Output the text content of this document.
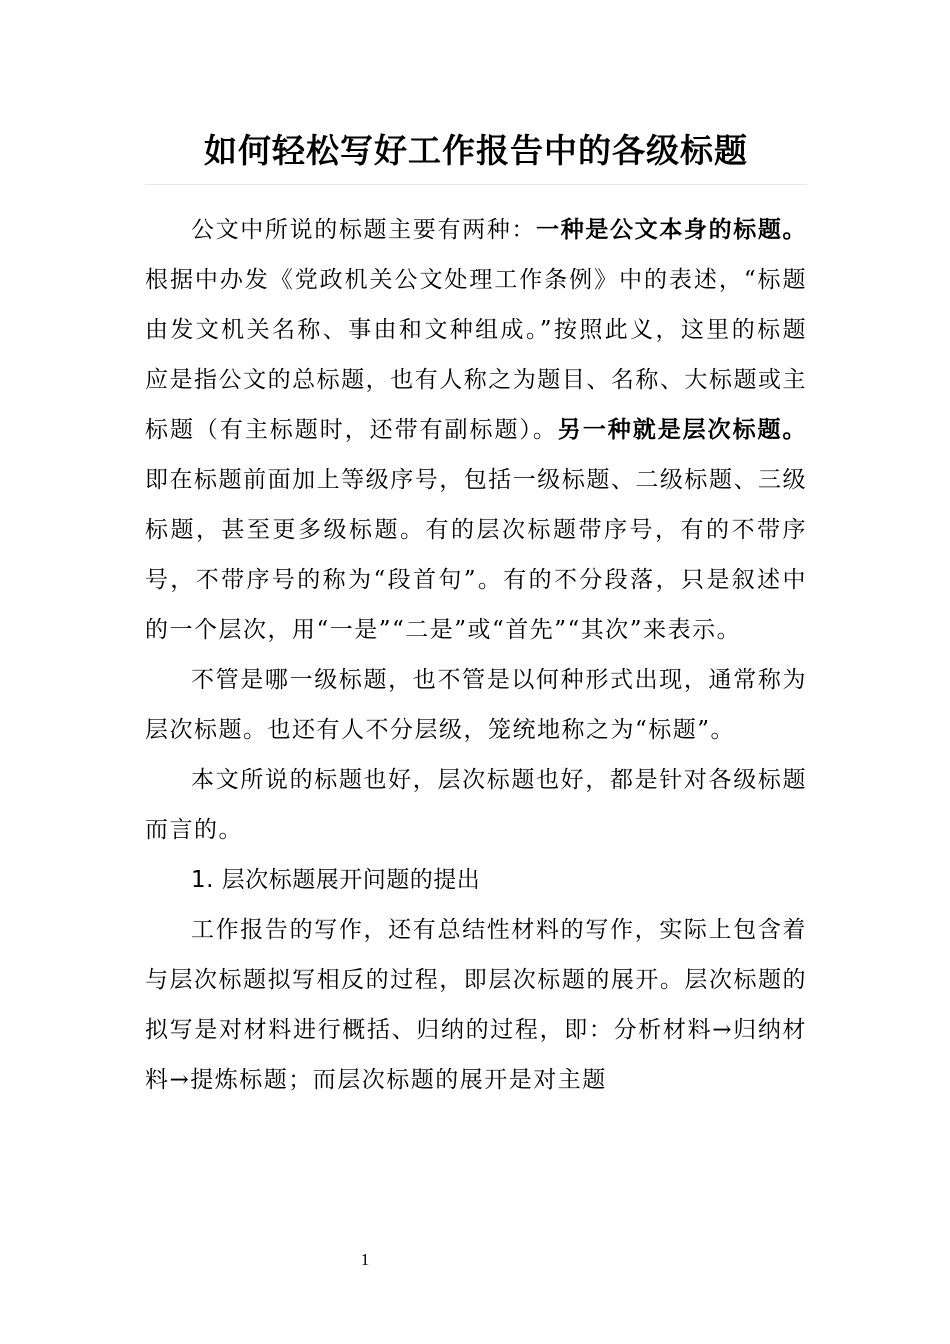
如何轻松写好工作报告中的各级标题

公文中所说的标题主要有两种：一种是公文本身的标题。根据中办发《党政机关公文处理工作条例》中的表述，“标题由发文机关名称、事由和文种组成。”按照此义，这里的标题应是指公文的总标题，也有人称之为题目、名称、大标题或主标题（有主标题时，还带有副标题）。另一种就是层次标题。即在标题前面加上等级序号，包括一级标题、二级标题、三级标题，甚至更多级标题。有的层次标题带序号，有的不带序号，不带序号的称为“段首句”。有的不分段落，只是叙述中的一个层次，用“一是”“二是”或“首先”“其次”来表示。

不管是哪一级标题，也不管是以何种形式出现，通常称为层次标题。也还有人不分层级，笼统地称之为“标题”。

本文所说的标题也好，层次标题也好，都是针对各级标题而言的。

1. 层次标题展开问题的提出

工作报告的写作，还有总结性材料的写作，实际上包含着与层次标题拟写相反的过程，即层次标题的展开。层次标题的拟写是对材料进行概括、归纳的过程，即：分析材料→归纳材料→提炼标题；而层次标题的展开是对主题

1
